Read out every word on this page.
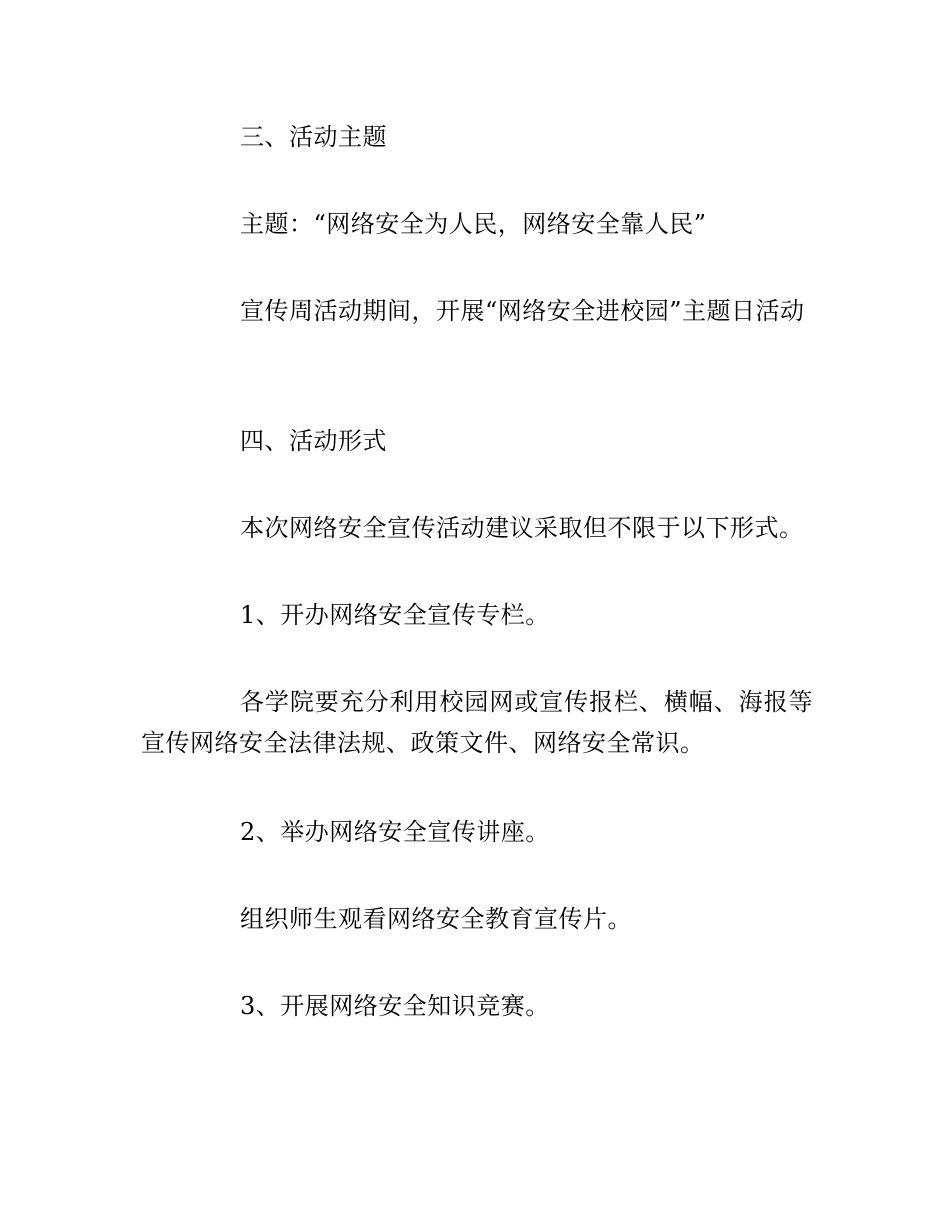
三、活动主题

主题：“网络安全为人民，网络安全靠人民”

宣传周活动期间，开展“网络安全进校园”主题日活动

四、活动形式

本次网络安全宣传活动建议采取但不限于以下形式。

1、开办网络安全宣传专栏。

各学院要充分利用校园网或宣传报栏、横幅、海报等宣传网络安全法律法规、政策文件、网络安全常识。

2、举办网络安全宣传讲座。

组织师生观看网络安全教育宣传片。

3、开展网络安全知识竞赛。
